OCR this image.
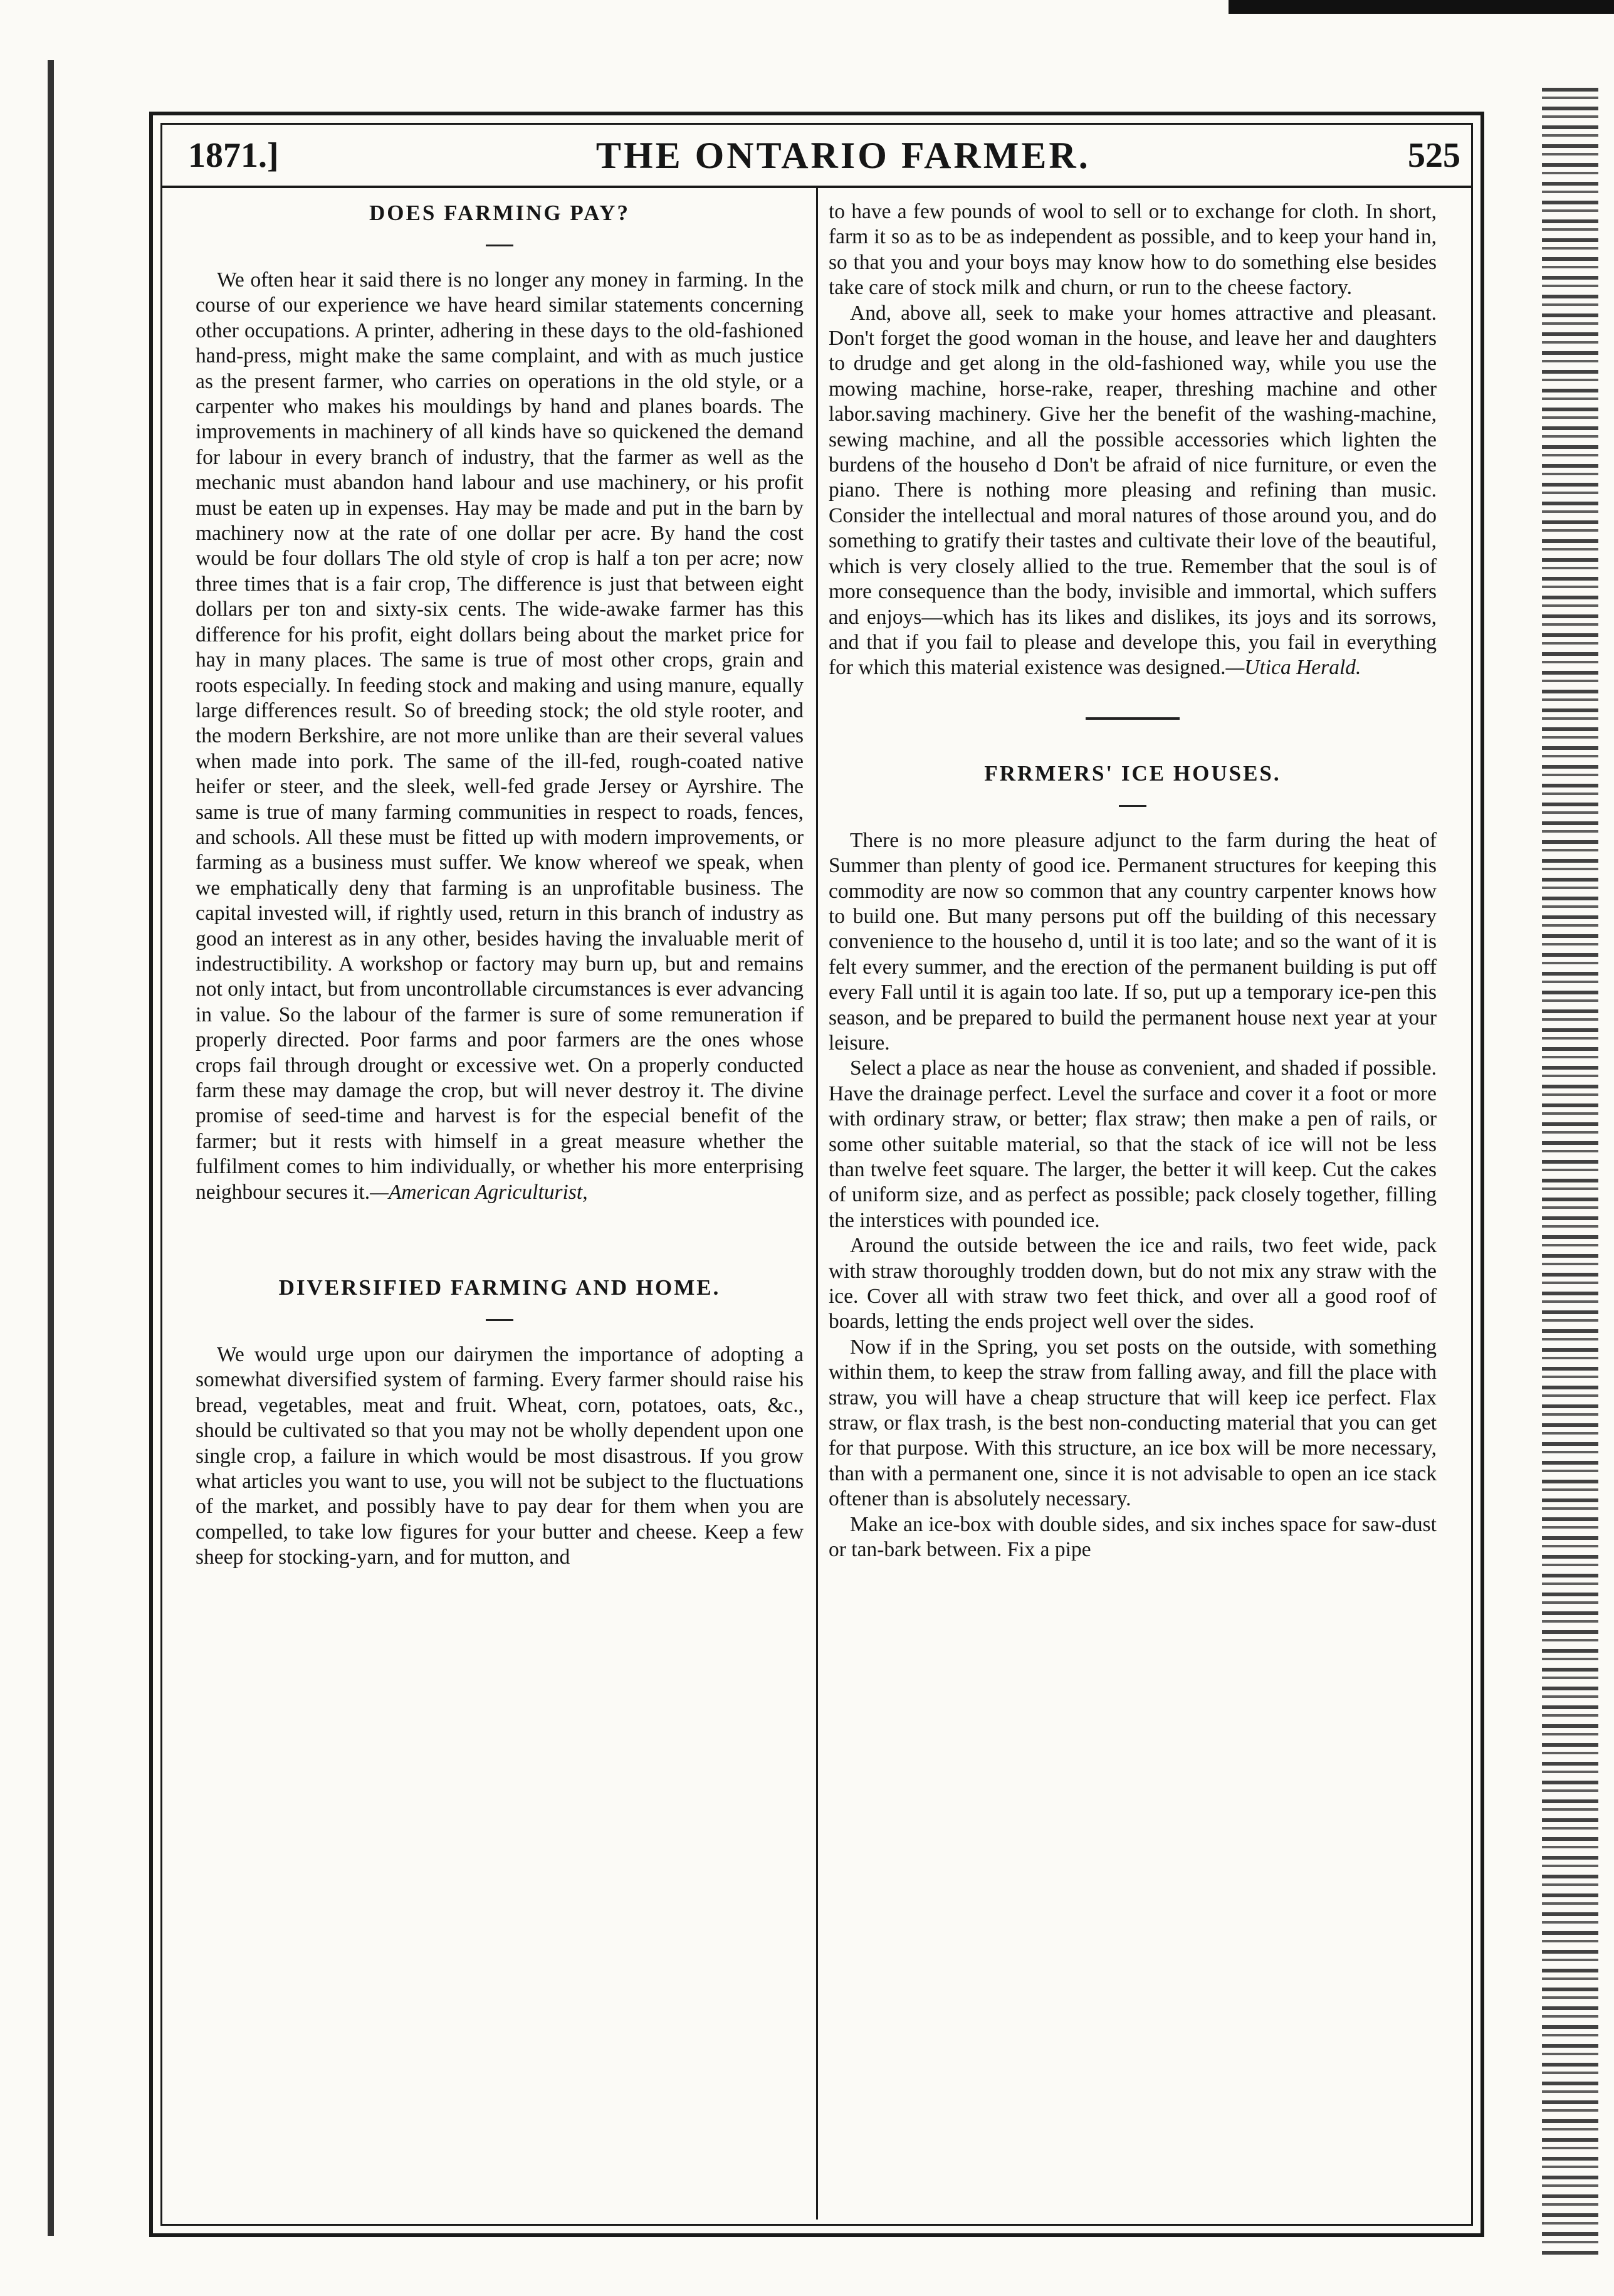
1871.]	THE ONTARIO FARMER.	525
DOES FARMING PAY?

We often hear it said there is no longer any money in farming. In the course of our experience we have heard similar statements concerning other occupations. A printer, adhering in these days to the old-fashioned hand-press, might make the same complaint, and with as much justice as the present farmer, who carries on operations in the old style, or a carpenter who makes his mouldings by hand and planes boards. The improvements in machinery of all kinds have so quickened the demand for labour in every branch of industry, that the farmer as well as the mechanic must abandon hand labour and use machinery, or his profit must be eaten up in expenses. Hay may be made and put in the barn by machinery now at the rate of one dollar per acre. By hand the cost would be four dollars The old style of crop is half a ton per acre; now three times that is a fair crop, The difference is just that between eight dollars per ton and sixty-six cents. The wide-awake farmer has this difference for his profit, eight dollars being about the market price for hay in many places. The same is true of most other crops, grain and roots especially. In feeding stock and making and using manure, equally large differences result. So of breeding stock; the old style rooter, and the modern Berkshire, are not more unlike than are their several values when made into pork. The same of the ill-fed, rough-coated native heifer or steer, and the sleek, well-fed grade Jersey or Ayrshire. The same is true of many farming communities in respect to roads, fences, and schools. All these must be fitted up with modern improvements, or farming as a business must suffer. We know whereof we speak, when we emphatically deny that farming is an unprofitable business. The capital invested will, if rightly used, return in this branch of industry as good an interest as in any other, besides having the invaluable merit of indestructibility. A workshop or factory may burn up, but and remains not only intact, but from uncontrollable circumstances is ever advancing in value. So the labour of the farmer is sure of some remuneration if properly directed. Poor farms and poor farmers are the ones whose crops fail through drought or excessive wet. On a properly conducted farm these may damage the crop, but will never destroy it. The divine promise of seed-time and harvest is for the especial benefit of the farmer; but it rests with himself in a great measure whether the fulfilment comes to him individually, or whether his more enterprising neighbour secures it.—American Agriculturist,

DIVERSIFIED FARMING AND HOME.

We would urge upon our dairymen the importance of adopting a somewhat diversified system of farming. Every farmer should raise his bread, vegetables, meat and fruit. Wheat, corn, potatoes, oats, &c., should be cultivated so that you may not be wholly dependent upon one single crop, a failure in which would be most disastrous. If you grow what articles you want to use, you will not be subject to the fluctuations of the market, and possibly have to pay dear for them when you are compelled, to take low figures for your butter and cheese. Keep a few sheep for stocking-yarn, and for mutton, and

to have a few pounds of wool to sell or to exchange for cloth. In short, farm it so as to be as independent as possible, and to keep your hand in, so that you and your boys may know how to do something else besides take care of stock milk and churn, or run to the cheese factory.

And, above all, seek to make your homes attractive and pleasant. Don't forget the good woman in the house, and leave her and daughters to drudge and get along in the old-fashioned way, while you use the mowing machine, horse-rake, reaper, threshing machine and other labor.saving machinery. Give her the benefit of the washing-machine, sewing machine, and all the possible accessories which lighten the burdens of the househo d Don't be afraid of nice furniture, or even the piano. There is nothing more pleasing and refining than music. Consider the intellectual and moral natures of those around you, and do something to gratify their tastes and cultivate their love of the beautiful, which is very closely allied to the true. Remember that the soul is of more consequence than the body, invisible and immortal, which suffers and enjoys—which has its likes and dislikes, its joys and its sorrows, and that if you fail to please and develope this, you fail in everything for which this material existence was designed.—Utica Herald.

FRRMERS' ICE HOUSES.

There is no more pleasure adjunct to the farm during the heat of Summer than plenty of good ice. Permanent structures for keeping this commodity are now so common that any country carpenter knows how to build one. But many persons put off the building of this necessary convenience to the househo d, until it is too late; and so the want of it is felt every summer, and the erection of the permanent building is put off every Fall until it is again too late. If so, put up a temporary ice-pen this season, and be prepared to build the permanent house next year at your leisure.

Select a place as near the house as convenient, and shaded if possible. Have the drainage perfect. Level the surface and cover it a foot or more with ordinary straw, or better; flax straw; then make a pen of rails, or some other suitable material, so that the stack of ice will not be less than twelve feet square. The larger, the better it will keep. Cut the cakes of uniform size, and as perfect as possible; pack closely together, filling the interstices with pounded ice.

Around the outside between the ice and rails, two feet wide, pack with straw thoroughly trodden down, but do not mix any straw with the ice. Cover all with straw two feet thick, and over all a good roof of boards, letting the ends project well over the sides.

Now if in the Spring, you set posts on the outside, with something within them, to keep the straw from falling away, and fill the place with straw, you will have a cheap structure that will keep ice perfect. Flax straw, or flax trash, is the best non-conducting material that you can get for that purpose. With this structure, an ice box will be more necessary, than with a permanent one, since it is not advisable to open an ice stack oftener than is absolutely necessary.

Make an ice-box with double sides, and six inches space for saw-dust or tan-bark between. Fix a pipe
